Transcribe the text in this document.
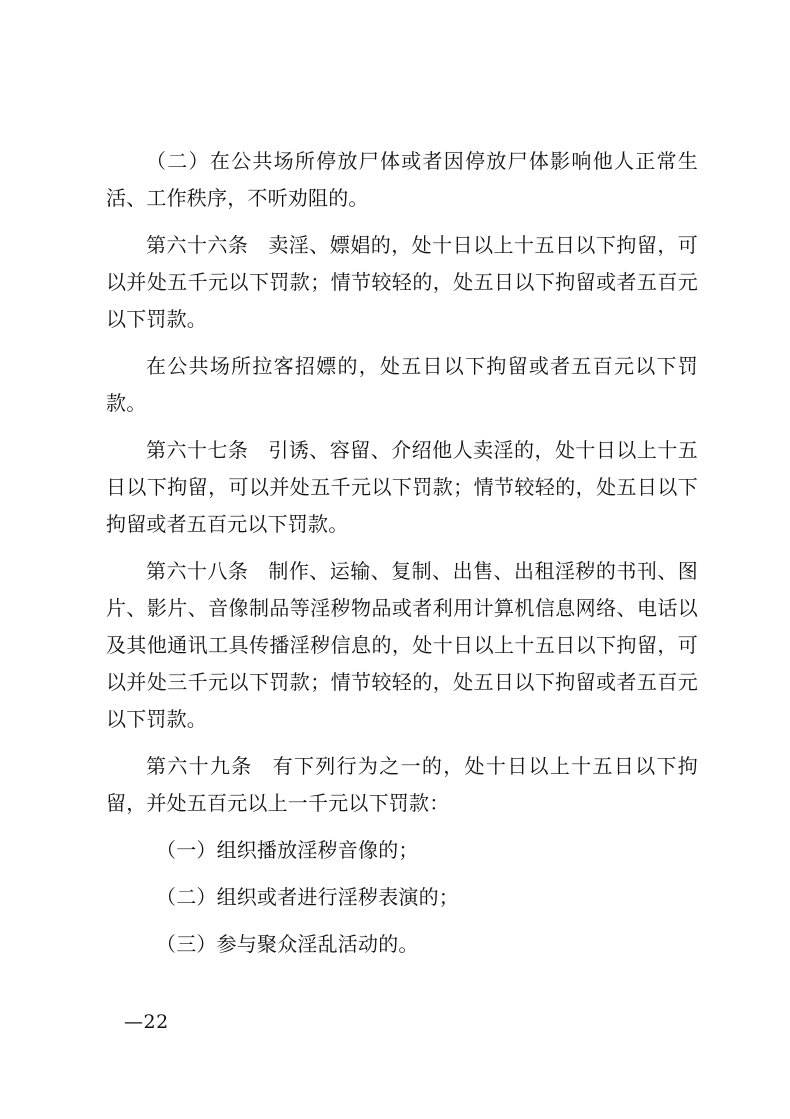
（二）在公共场所停放尸体或者因停放尸体影响他人正常生活、工作秩序，不听劝阻的。

第六十六条 卖淫、嫖娼的，处十日以上十五日以下拘留，可以并处五千元以下罚款；情节较轻的，处五日以下拘留或者五百元以下罚款。

在公共场所拉客招嫖的，处五日以下拘留或者五百元以下罚款。

第六十七条 引诱、容留、介绍他人卖淫的，处十日以上十五日以下拘留，可以并处五千元以下罚款；情节较轻的，处五日以下拘留或者五百元以下罚款。

第六十八条 制作、运输、复制、出售、出租淫秽的书刊、图片、影片、音像制品等淫秽物品或者利用计算机信息网络、电话以及其他通讯工具传播淫秽信息的，处十日以上十五日以下拘留，可以并处三千元以下罚款；情节较轻的，处五日以下拘留或者五百元以下罚款。

第六十九条 有下列行为之一的，处十日以上十五日以下拘留，并处五百元以上一千元以下罚款：

（一）组织播放淫秽音像的；

（二）组织或者进行淫秽表演的；

（三）参与聚众淫乱活动的。

—22
